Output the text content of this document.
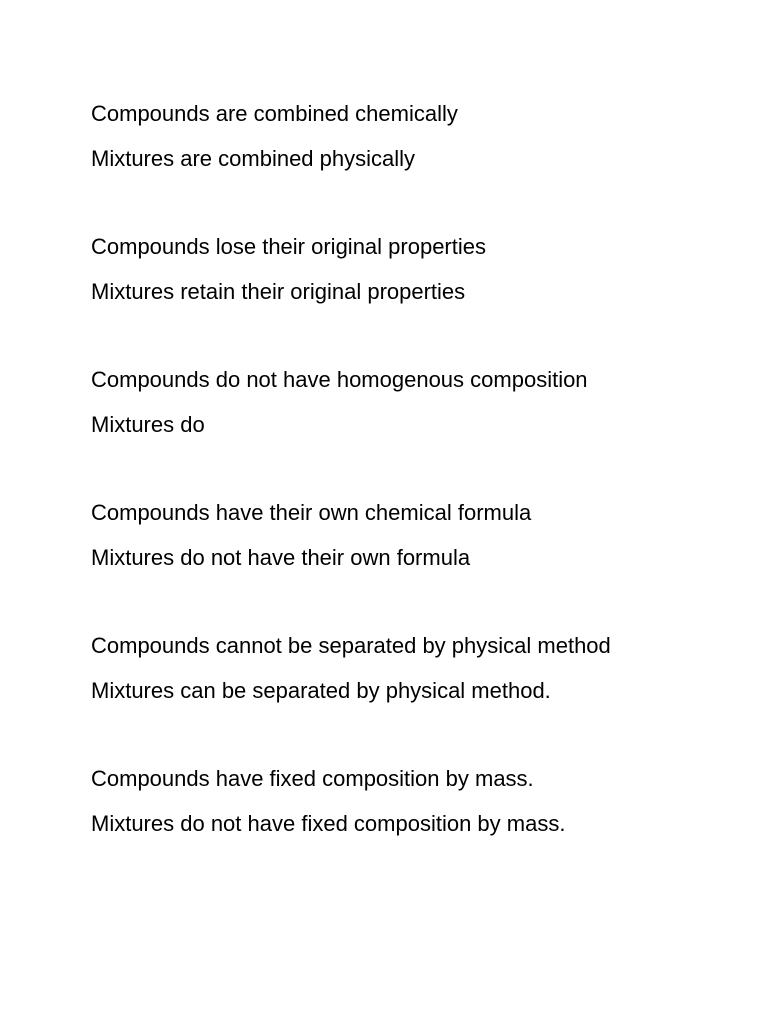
Compounds are combined chemically
Mixtures are combined physically
Compounds lose their original properties
Mixtures retain their original properties
Compounds do not have homogenous composition
Mixtures do
Compounds have their own chemical formula
Mixtures do not have their own formula
Compounds cannot be separated by physical method
Mixtures can be separated by physical method.
Compounds have fixed composition by mass.
Mixtures do not have fixed composition by mass.
